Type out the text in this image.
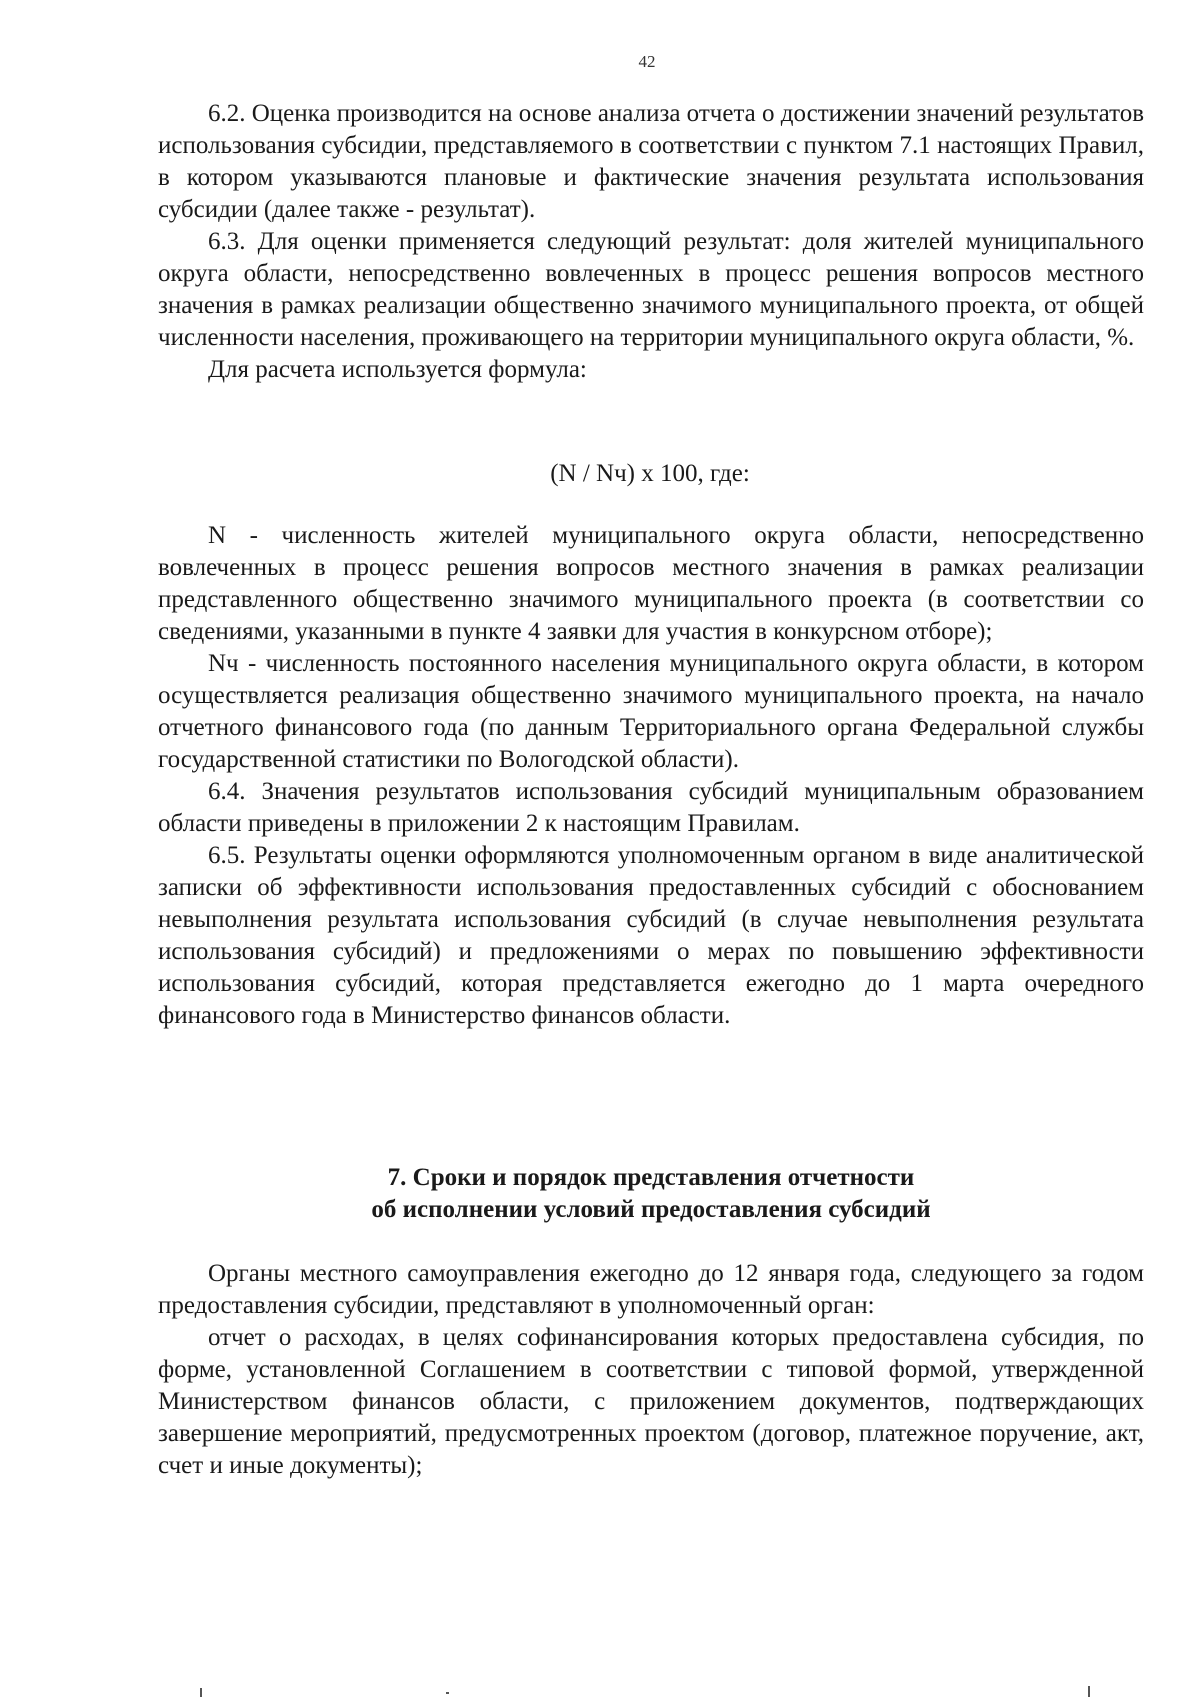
42

6.2. Оценка производится на основе анализа отчета о достижении значений результатов использования субсидии, представляемого в соответствии с пунктом 7.1 настоящих Правил, в котором указываются плановые и фактические значения результата использования субсидии (далее также - результат).

6.3. Для оценки применяется следующий результат: доля жителей муниципального округа области, непосредственно вовлеченных в процесс решения вопросов местного значения в рамках реализации общественно значимого муниципального проекта, от общей численности населения, проживающего на территории муниципального округа области, %.

Для расчета используется формула:

(N / Nч) x 100, где:

N - численность жителей муниципального округа области, непосредственно вовлеченных в процесс решения вопросов местного значения в рамках реализации представленного общественно значимого муниципального проекта (в соответствии со сведениями, указанными в пункте 4 заявки для участия в конкурсном отборе);

Nч - численность постоянного населения муниципального округа области, в котором осуществляется реализация общественно значимого муниципального проекта, на начало отчетного финансового года (по данным Территориального органа Федеральной службы государственной статистики по Вологодской области).

6.4. Значения результатов использования субсидий муниципальным образованием области приведены в приложении 2 к настоящим Правилам.

6.5. Результаты оценки оформляются уполномоченным органом в виде аналитической записки об эффективности использования предоставленных субсидий с обоснованием невыполнения результата использования субсидий (в случае невыполнения результата использования субсидий) и предложениями о мерах по повышению эффективности использования субсидий, которая представляется ежегодно до 1 марта очередного финансового года в Министерство финансов области.

7. Сроки и порядок представления отчетности
об исполнении условий предоставления субсидий

Органы местного самоуправления ежегодно до 12 января года, следующего за годом предоставления субсидии, представляют в уполномоченный орган:

отчет о расходах, в целях софинансирования которых предоставлена субсидия, по форме, установленной Соглашением в соответствии с типовой формой, утвержденной Министерством финансов области, с приложением документов, подтверждающих завершение мероприятий, предусмотренных проектом (договор, платежное поручение, акт, счет и иные документы);
